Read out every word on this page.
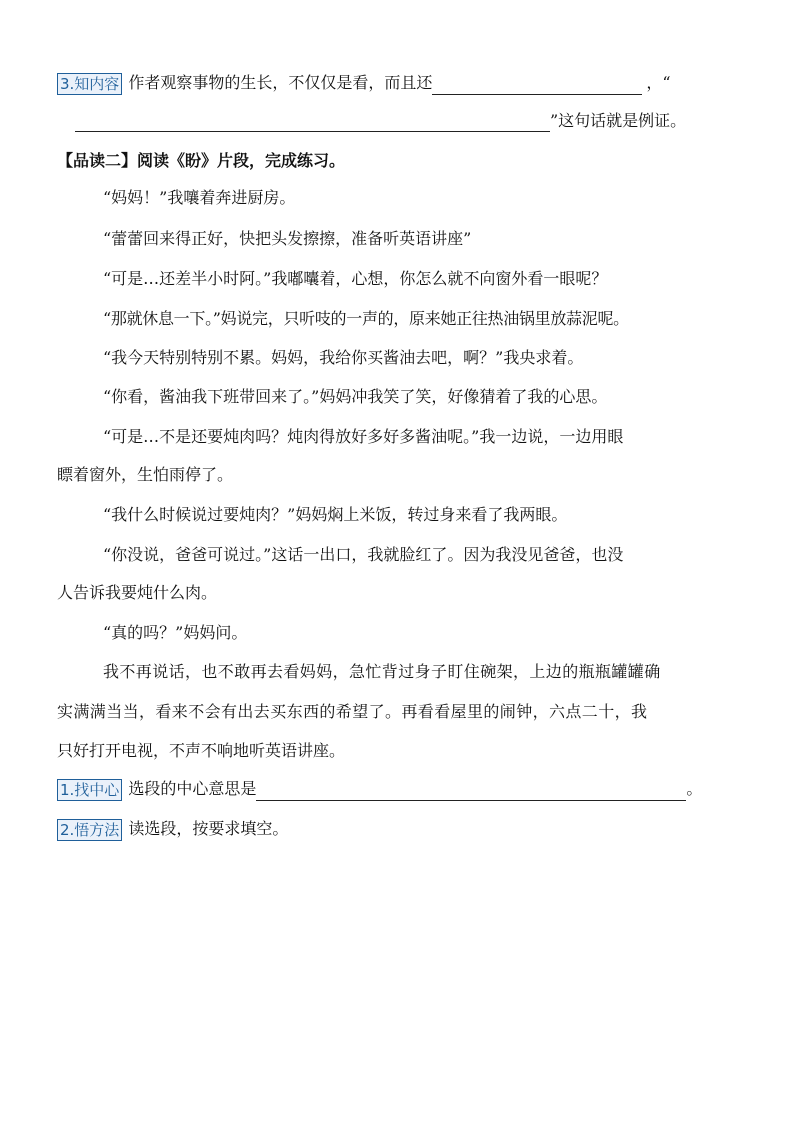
3.知内容 作者观察事物的生长，不仅仅是看，而且还	，“
”这句话就是例证。
【品读二】阅读《盼》片段，完成练习。
“妈妈！”我嚷着奔进厨房。
“蕾蕾回来得正好，快把头发擦擦，准备听英语讲座”
“可是…还差半小时阿。”我嘟囔着，心想，你怎么就不向窗外看一眼呢？
“那就休息一下。”妈说完，只听吱的一声的，原来她正往热油锅里放蒜泥呢。
“我今天特别特别不累。妈妈，我给你买酱油去吧，啊？”我央求着。
“你看，酱油我下班带回来了。”妈妈冲我笑了笑，好像猜着了我的心思。
“可是…不是还要炖肉吗？炖肉得放好多好多酱油呢。”我一边说，一边用眼
瞟着窗外，生怕雨停了。
“我什么时候说过要炖肉？”妈妈焖上米饭，转过身来看了我两眼。
“你没说，爸爸可说过。”这话一出口，我就脸红了。因为我没见爸爸，也没
人告诉我要炖什么肉。
“真的吗？”妈妈问。
我不再说话，也不敢再去看妈妈，急忙背过身子盯住碗架，上边的瓶瓶罐罐确
实满满当当，看来不会有出去买东西的希望了。再看看屋里的闹钟，六点二十，我
只好打开电视，不声不响地听英语讲座。
1.找中心 选段的中心意思是	。
2.悟方法 读选段，按要求填空。
